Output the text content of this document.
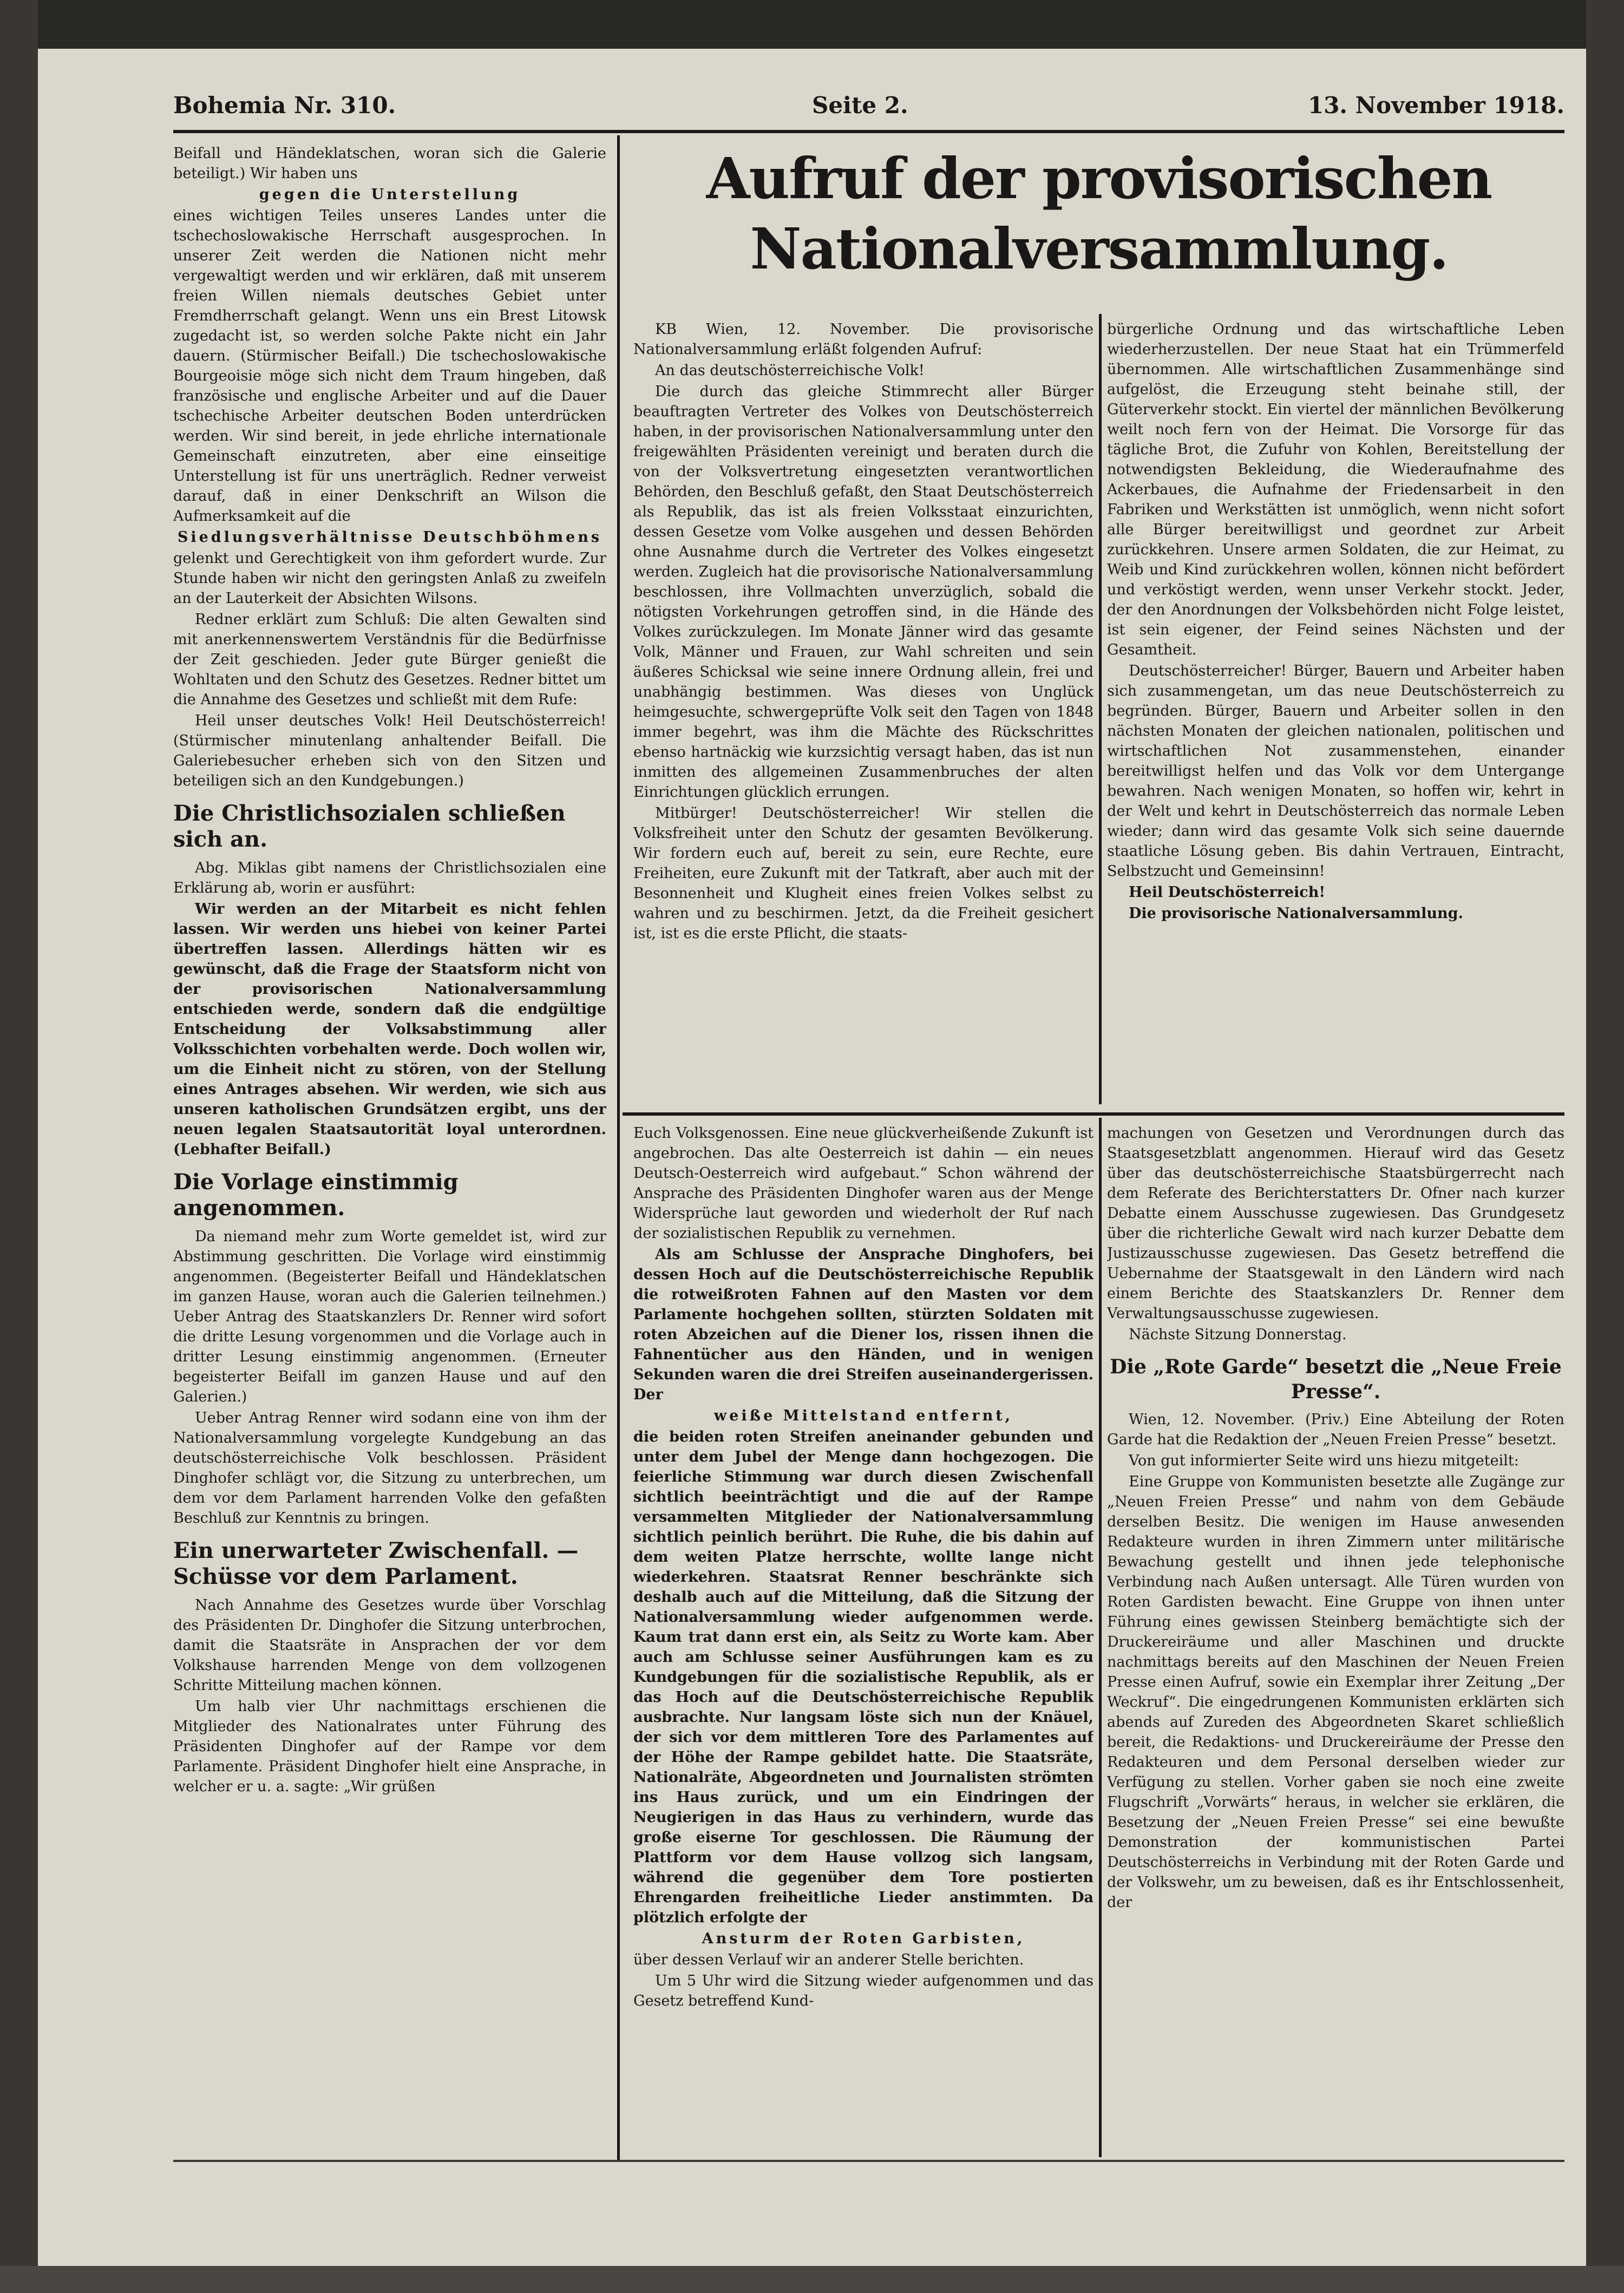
Bohemia Nr. 310.	Seite 2.	13. November 1918.

Beifall und Händeklatschen, woran sich die Galerie beteiligt.) Wir haben uns

gegen die Unterstellung

eines wichtigen Teiles unseres Landes unter die tschechoslowakische Herrschaft ausgesprochen. In unserer Zeit werden die Nationen nicht mehr vergewaltigt werden und wir erklären, daß mit unserem freien Willen niemals deutsches Gebiet unter Fremdherrschaft gelangt. Wenn uns ein Brest Litowsk zugedacht ist, so werden solche Pakte nicht ein Jahr dauern. (Stürmischer Beifall.) Die tschechoslowakische Bourgeoisie möge sich nicht dem Traum hingeben, daß französische und englische Arbeiter und auf die Dauer tschechische Arbeiter deutschen Boden unterdrücken werden. Wir sind bereit, in jede ehrliche internationale Gemeinschaft einzutreten, aber eine einseitige Unterstellung ist für uns unerträglich. Redner verweist darauf, daß in einer Denkschrift an Wilson die Aufmerksamkeit auf die

Siedlungsverhältnisse Deutschböhmens

gelenkt und Gerechtigkeit von ihm gefordert wurde. Zur Stunde haben wir nicht den geringsten Anlaß zu zweifeln an der Lauterkeit der Absichten Wilsons.

Redner erklärt zum Schluß: Die alten Gewalten sind mit anerkennenswertem Verständnis für die Bedürfnisse der Zeit geschieden. Jeder gute Bürger genießt die Wohltaten und den Schutz des Gesetzes. Redner bittet um die Annahme des Gesetzes und schließt mit dem Rufe:

Heil unser deutsches Volk! Heil Deutschösterreich! (Stürmischer minutenlang anhaltender Beifall. Die Galeriebesucher erheben sich von den Sitzen und beteiligen sich an den Kundgebungen.)

Die Christlichsozialen schließen sich an.

Abg. Miklas gibt namens der Christlichsozialen eine Erklärung ab, worin er ausführt:

Wir werden an der Mitarbeit es nicht fehlen lassen. Wir werden uns hiebei von keiner Partei übertreffen lassen. Allerdings hätten wir es gewünscht, daß die Frage der Staatsform nicht von der provisorischen Nationalversammlung entschieden werde, sondern daß die endgültige Entscheidung der Volksabstimmung aller Volksschichten vorbehalten werde. Doch wollen wir, um die Einheit nicht zu stören, von der Stellung eines Antrages absehen. Wir werden, wie sich aus unseren katholischen Grundsätzen ergibt, uns der neuen legalen Staatsautorität loyal unterordnen. (Lebhafter Beifall.)

Die Vorlage einstimmig angenommen.

Da niemand mehr zum Worte gemeldet ist, wird zur Abstimmung geschritten. Die Vorlage wird einstimmig angenommen. (Begeisterter Beifall und Händeklatschen im ganzen Hause, woran auch die Galerien teilnehmen.) Ueber Antrag des Staatskanzlers Dr. Renner wird sofort die dritte Lesung vorgenommen und die Vorlage auch in dritter Lesung einstimmig angenommen. (Erneuter begeisterter Beifall im ganzen Hause und auf den Galerien.)

Ueber Antrag Renner wird sodann eine von ihm der Nationalversammlung vorgelegte Kundgebung an das deutschösterreichische Volk beschlossen. Präsident Dinghofer schlägt vor, die Sitzung zu unterbrechen, um dem vor dem Parlament harrenden Volke den gefaßten Beschluß zur Kenntnis zu bringen.

Ein unerwarteter Zwischenfall. — Schüsse vor dem Parlament.

Nach Annahme des Gesetzes wurde über Vorschlag des Präsidenten Dr. Dinghofer die Sitzung unterbrochen, damit die Staatsräte in Ansprachen der vor dem Volkshause harrenden Menge von dem vollzogenen Schritte Mitteilung machen können.

Um halb vier Uhr nachmittags erschienen die Mitglieder des Nationalrates unter Führung des Präsidenten Dinghofer auf der Rampe vor dem Parlamente. Präsident Dinghofer hielt eine Ansprache, in welcher er u. a. sagte: „Wir grüßen

Aufruf der provisorischen Nationalversammlung.

KB Wien, 12. November. Die provisorische Nationalversammlung erläßt folgenden Aufruf:

An das deutschösterreichische Volk!

Die durch das gleiche Stimmrecht aller Bürger beauftragten Vertreter des Volkes von Deutschösterreich haben, in der provisorischen Nationalversammlung unter den freigewählten Präsidenten vereinigt und beraten durch die von der Volksvertretung eingesetzten verantwortlichen Behörden, den Beschluß gefaßt, den Staat Deutschösterreich als Republik, das ist als freien Volksstaat einzurichten, dessen Gesetze vom Volke ausgehen und dessen Behörden ohne Ausnahme durch die Vertreter des Volkes eingesetzt werden. Zugleich hat die provisorische Nationalversammlung beschlossen, ihre Vollmachten unverzüglich, sobald die nötigsten Vorkehrungen getroffen sind, in die Hände des Volkes zurückzulegen. Im Monate Jänner wird das gesamte Volk, Männer und Frauen, zur Wahl schreiten und sein äußeres Schicksal wie seine innere Ordnung allein, frei und unabhängig bestimmen. Was dieses von Unglück heimgesuchte, schwergeprüfte Volk seit den Tagen von 1848 immer begehrt, was ihm die Mächte des Rückschrittes ebenso hartnäckig wie kurzsichtig versagt haben, das ist nun inmitten des allgemeinen Zusammenbruches der alten Einrichtungen glücklich errungen.

Mitbürger! Deutschösterreicher! Wir stellen die Volksfreiheit unter den Schutz der gesamten Bevölkerung. Wir fordern euch auf, bereit zu sein, eure Rechte, eure Freiheiten, eure Zukunft mit der Tatkraft, aber auch mit der Besonnenheit und Klugheit eines freien Volkes selbst zu wahren und zu beschirmen. Jetzt, da die Freiheit gesichert ist, ist es die erste Pflicht, die staats-

bürgerliche Ordnung und das wirtschaftliche Leben wiederherzustellen. Der neue Staat hat ein Trümmerfeld übernommen. Alle wirtschaftlichen Zusammenhänge sind aufgelöst, die Erzeugung steht beinahe still, der Güterverkehr stockt. Ein viertel der männlichen Bevölkerung weilt noch fern von der Heimat. Die Vorsorge für das tägliche Brot, die Zufuhr von Kohlen, Bereitstellung der notwendigsten Bekleidung, die Wiederaufnahme des Ackerbaues, die Aufnahme der Friedensarbeit in den Fabriken und Werkstätten ist unmöglich, wenn nicht sofort alle Bürger bereitwilligst und geordnet zur Arbeit zurückkehren. Unsere armen Soldaten, die zur Heimat, zu Weib und Kind zurückkehren wollen, können nicht befördert und verköstigt werden, wenn unser Verkehr stockt. Jeder, der den Anordnungen der Volksbehörden nicht Folge leistet, ist sein eigener, der Feind seines Nächsten und der Gesamtheit.

Deutschösterreicher! Bürger, Bauern und Arbeiter haben sich zusammengetan, um das neue Deutschösterreich zu begründen. Bürger, Bauern und Arbeiter sollen in den nächsten Monaten der gleichen nationalen, politischen und wirtschaftlichen Not zusammenstehen, einander bereitwilligst helfen und das Volk vor dem Untergange bewahren. Nach wenigen Monaten, so hoffen wir, kehrt in der Welt und kehrt in Deutschösterreich das normale Leben wieder; dann wird das gesamte Volk sich seine dauernde staatliche Lösung geben. Bis dahin Vertrauen, Eintracht, Selbstzucht und Gemeinsinn!

Heil Deutschösterreich!

Die provisorische Nationalversammlung.

Euch Volksgenossen. Eine neue glückverheißende Zukunft ist angebrochen. Das alte Oesterreich ist dahin — ein neues Deutsch-Oesterreich wird aufgebaut.“ Schon während der Ansprache des Präsidenten Dinghofer waren aus der Menge Widersprüche laut geworden und wiederholt der Ruf nach der sozialistischen Republik zu vernehmen.

Als am Schlusse der Ansprache Dinghofers, bei dessen Hoch auf die Deutschösterreichische Republik die rotweißroten Fahnen auf den Masten vor dem Parlamente hochgehen sollten, stürzten Soldaten mit roten Abzeichen auf die Diener los, rissen ihnen die Fahnentücher aus den Händen, und in wenigen Sekunden waren die drei Streifen auseinandergerissen. Der

weiße Mittelstand entfernt,

die beiden roten Streifen aneinander gebunden und unter dem Jubel der Menge dann hochgezogen. Die feierliche Stimmung war durch diesen Zwischenfall sichtlich beeinträchtigt und die auf der Rampe versammelten Mitglieder der Nationalversammlung sichtlich peinlich berührt. Die Ruhe, die bis dahin auf dem weiten Platze herrschte, wollte lange nicht wiederkehren. Staatsrat Renner beschränkte sich deshalb auch auf die Mitteilung, daß die Sitzung der Nationalversammlung wieder aufgenommen werde. Kaum trat dann erst ein, als Seitz zu Worte kam. Aber auch am Schlusse seiner Ausführungen kam es zu Kundgebungen für die sozialistische Republik, als er das Hoch auf die Deutschösterreichische Republik ausbrachte. Nur langsam löste sich nun der Knäuel, der sich vor dem mittleren Tore des Parlamentes auf der Höhe der Rampe gebildet hatte. Die Staatsräte, Nationalräte, Abgeordneten und Journalisten strömten ins Haus zurück, und um ein Eindringen der Neugierigen in das Haus zu verhindern, wurde das große eiserne Tor geschlossen. Die Räumung der Plattform vor dem Hause vollzog sich langsam, während die gegenüber dem Tore postierten Ehrengarden freiheitliche Lieder anstimmten. Da plötzlich erfolgte der

Ansturm der Roten Garbisten,

über dessen Verlauf wir an anderer Stelle berichten.

Um 5 Uhr wird die Sitzung wieder aufgenommen und das Gesetz betreffend Kund-

machungen von Gesetzen und Verordnungen durch das Staatsgesetzblatt angenommen. Hierauf wird das Gesetz über das deutschösterreichische Staatsbürgerrecht nach dem Referate des Berichterstatters Dr. Ofner nach kurzer Debatte einem Ausschusse zugewiesen. Das Grundgesetz über die richterliche Gewalt wird nach kurzer Debatte dem Justizausschusse zugewiesen. Das Gesetz betreffend die Uebernahme der Staatsgewalt in den Ländern wird nach einem Berichte des Staatskanzlers Dr. Renner dem Verwaltungsausschusse zugewiesen.

Nächste Sitzung Donnerstag.

Die „Rote Garde“ besetzt die „Neue Freie Presse“.

Wien, 12. November. (Priv.) Eine Abteilung der Roten Garde hat die Redaktion der „Neuen Freien Presse“ besetzt.

Von gut informierter Seite wird uns hiezu mitgeteilt:

Eine Gruppe von Kommunisten besetzte alle Zugänge zur „Neuen Freien Presse“ und nahm von dem Gebäude derselben Besitz. Die wenigen im Hause anwesenden Redakteure wurden in ihren Zimmern unter militärische Bewachung gestellt und ihnen jede telephonische Verbindung nach Außen untersagt. Alle Türen wurden von Roten Gardisten bewacht. Eine Gruppe von ihnen unter Führung eines gewissen Steinberg bemächtigte sich der Druckereiräume und aller Maschinen und druckte nachmittags bereits auf den Maschinen der Neuen Freien Presse einen Aufruf, sowie ein Exemplar ihrer Zeitung „Der Weckruf“. Die eingedrungenen Kommunisten erklärten sich abends auf Zureden des Abgeordneten Skaret schließlich bereit, die Redaktions- und Druckereiräume der Presse den Redakteuren und dem Personal derselben wieder zur Verfügung zu stellen. Vorher gaben sie noch eine zweite Flugschrift „Vorwärts“ heraus, in welcher sie erklären, die Besetzung der „Neuen Freien Presse“ sei eine bewußte Demonstration der kommunistischen Partei Deutschösterreichs in Verbindung mit der Roten Garde und der Volkswehr, um zu beweisen, daß es ihr Entschlossenheit, der
